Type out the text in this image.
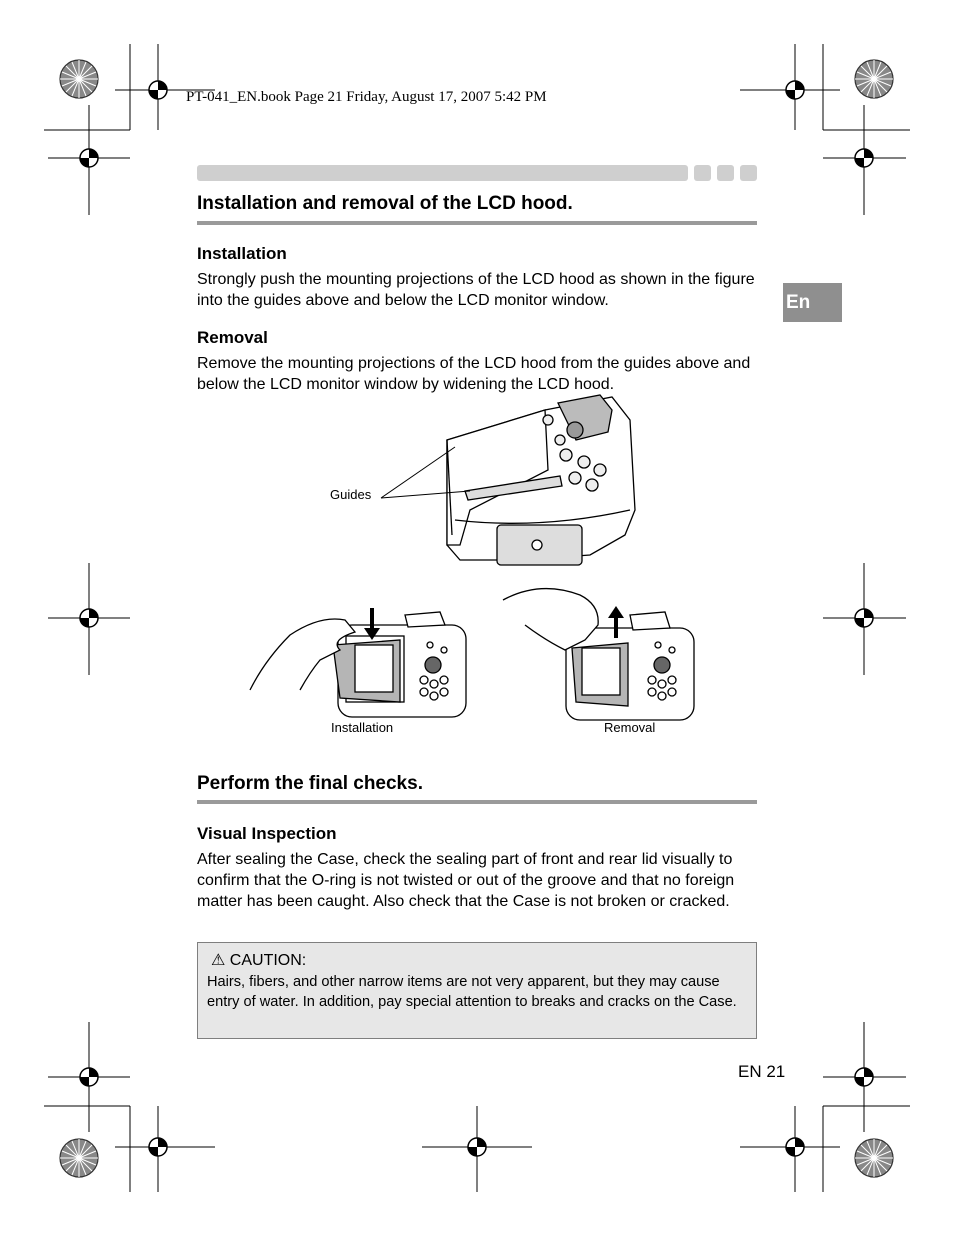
PT-041_EN.book Page 21 Friday, August 17, 2007 5:42 PM
En
Installation and removal of the LCD hood.
Installation
Strongly push the mounting projections of the LCD hood as shown in the figure into the guides above and below the LCD monitor window.
Removal
Remove the mounting projections of the LCD hood from the guides above and below the LCD monitor window by widening the LCD hood.
Guides
Installation	Removal
Perform the final checks.
Visual Inspection
After sealing the Case, check the sealing part of front and rear lid visually to confirm that the O-ring is not twisted or out of the groove and that no foreign matter has been caught. Also check that the Case is not broken or cracked.
⚠ CAUTION:
Hairs, fibers, and other narrow items are not very apparent, but they may cause entry of water. In addition, pay special attention to breaks and cracks on the Case.
EN 21
